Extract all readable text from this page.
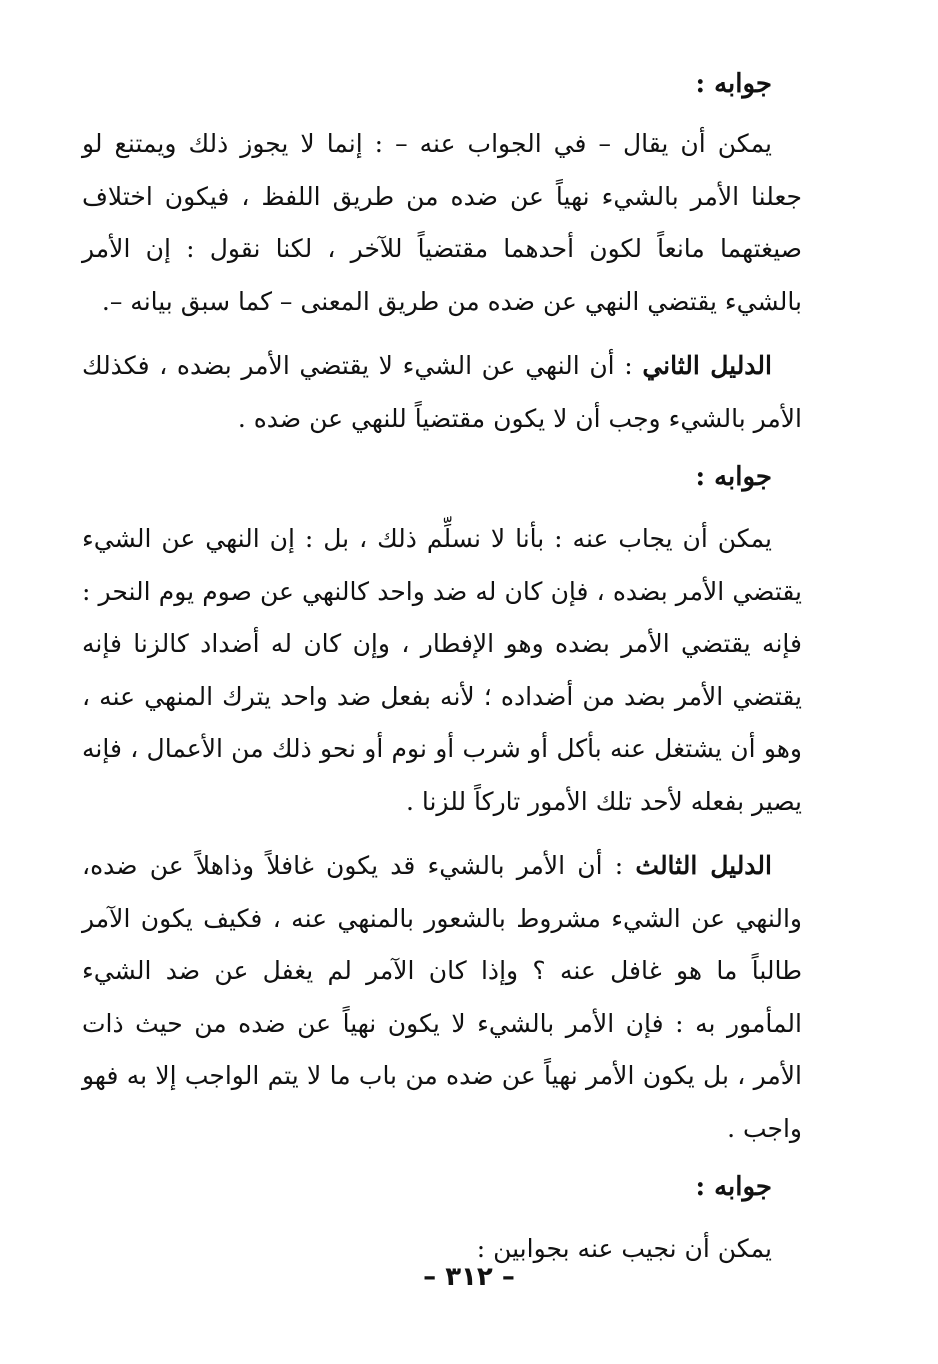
جوابه :

يمكن أن يقال – في الجواب عنه – : إنما لا يجوز ذلك ويمتنع لو جعلنا الأمر بالشيء نهياً عن ضده من طريق اللفظ ، فيكون اختلاف صيغتهما مانعاً لكون أحدهما مقتضياً للآخر ، لكنا نقول : إن الأمر بالشيء يقتضي النهي عن ضده من طريق المعنى – كما سبق بيانه –.

الدليل الثاني : أن النهي عن الشيء لا يقتضي الأمر بضده ، فكذلك الأمر بالشيء وجب أن لا يكون مقتضياً للنهي عن ضده .

جوابه :

يمكن أن يجاب عنه : بأنا لا نسلِّم ذلك ، بل : إن النهي عن الشيء يقتضي الأمر بضده ، فإن كان له ضد واحد كالنهي عن صوم يوم النحر : فإنه يقتضي الأمر بضده وهو الإفطار ، وإن كان له أضداد كالزنا فإنه يقتضي الأمر بضد من أضداده ؛ لأنه بفعل ضد واحد يترك المنهي عنه ، وهو أن يشتغل عنه بأكل أو شرب أو نوم أو نحو ذلك من الأعمال ، فإنه يصير بفعله لأحد تلك الأمور تاركاً للزنا .

الدليل الثالث : أن الأمر بالشيء قد يكون غافلاً وذاهلاً عن ضده، والنهي عن الشيء مشروط بالشعور بالمنهي عنه ، فكيف يكون الآمر طالباً ما هو غافل عنه ؟ وإذا كان الآمر لم يغفل عن ضد الشيء المأمور به : فإن الأمر بالشيء لا يكون نهياً عن ضده من حيث ذات الأمر ، بل يكون الأمر نهياً عن ضده من باب ما لا يتم الواجب إلا به فهو واجب .

جوابه :

يمكن أن نجيب عنه بجوابين :

– ٣١٢ –
